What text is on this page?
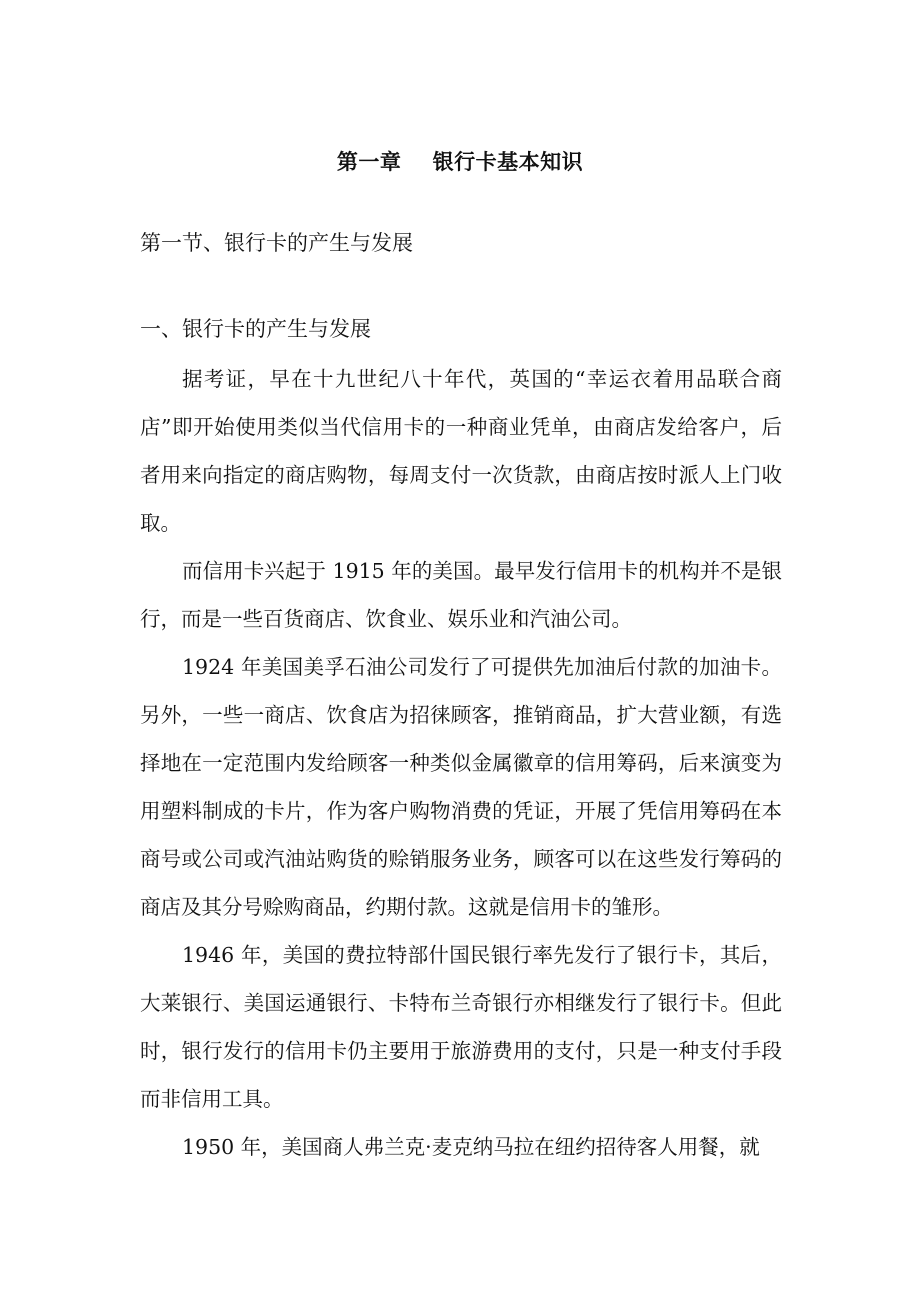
第一章    银行卡基本知识
第一节、银行卡的产生与发展
一、银行卡的产生与发展

据考证，早在十九世纪八十年代，英国的“幸运衣着用品联合商店”即开始使用类似当代信用卡的一种商业凭单，由商店发给客户，后者用来向指定的商店购物，每周支付一次货款，由商店按时派人上门收取。

而信用卡兴起于 1915 年的美国。最早发行信用卡的机构并不是银行，而是一些百货商店、饮食业、娱乐业和汽油公司。

1924 年美国美孚石油公司发行了可提供先加油后付款的加油卡。另外，一些一商店、饮食店为招徕顾客，推销商品，扩大营业额，有选择地在一定范围内发给顾客一种类似金属徽章的信用筹码，后来演变为用塑料制成的卡片，作为客户购物消费的凭证，开展了凭信用筹码在本商号或公司或汽油站购货的赊销服务业务，顾客可以在这些发行筹码的商店及其分号赊购商品，约期付款。这就是信用卡的雏形。

1946 年，美国的费拉特部什国民银行率先发行了银行卡，其后，大莱银行、美国运通银行、卡特布兰奇银行亦相继发行了银行卡。但此时，银行发行的信用卡仍主要用于旅游费用的支付，只是一种支付手段而非信用工具。

1950 年，美国商人弗兰克·麦克纳马拉在纽约招待客人用餐，就
